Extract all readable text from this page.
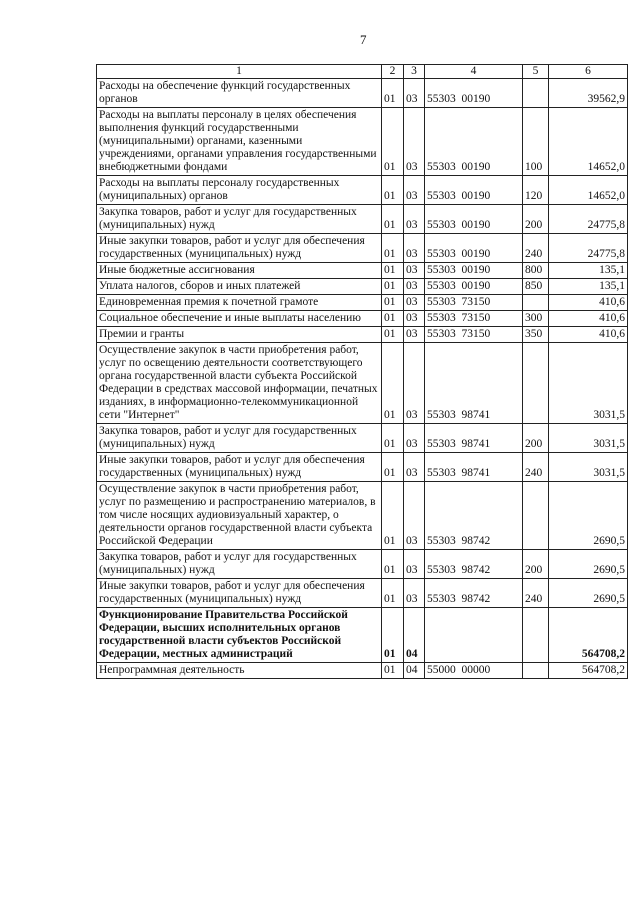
7
1	2	3	4	5	6
Расходы на обеспечение функций государственных органов	01	03	55303  00190		39562,9
Расходы на выплаты персоналу в целях обеспечения выполнения функций государственными (муниципальными) органами, казенными учреждениями, органами управления государственными внебюджетными фондами	01	03	55303  00190	100	14652,0
Расходы на выплаты персоналу государственных (муниципальных) органов	01	03	55303  00190	120	14652,0
Закупка товаров, работ и услуг для государственных (муниципальных) нужд	01	03	55303  00190	200	24775,8
Иные закупки товаров, работ и услуг для обеспечения государственных (муниципальных) нужд	01	03	55303  00190	240	24775,8
Иные бюджетные ассигнования	01	03	55303  00190	800	135,1
Уплата налогов, сборов и иных платежей	01	03	55303  00190	850	135,1
Единовременная премия к почетной грамоте	01	03	55303  73150		410,6
Социальное обеспечение и иные выплаты населению	01	03	55303  73150	300	410,6
Премии и гранты	01	03	55303  73150	350	410,6
Осуществление закупок в части приобретения работ, услуг по освещению деятельности соответствующего органа государственной власти субъекта Российской Федерации в средствах массовой информации, печатных изданиях, в информационно-телекоммуникационной сети "Интернет"	01	03	55303  98741		3031,5
Закупка товаров, работ и услуг для государственных (муниципальных) нужд	01	03	55303  98741	200	3031,5
Иные закупки товаров, работ и услуг для обеспечения государственных (муниципальных) нужд	01	03	55303  98741	240	3031,5
Осуществление закупок в части приобретения работ, услуг по размещению и распространению материалов, в том числе носящих аудиовизуальный характер, о деятельности органов государственной власти субъекта Российской Федерации	01	03	55303  98742		2690,5
Закупка товаров, работ и услуг для государственных (муниципальных) нужд	01	03	55303  98742	200	2690,5
Иные закупки товаров, работ и услуг для обеспечения государственных (муниципальных) нужд	01	03	55303  98742	240	2690,5
Функционирование Правительства Российской Федерации, высших исполнительных органов государственной власти субъектов Российской Федерации, местных администраций	01	04			564708,2
Непрограммная деятельность	01	04	55000  00000		564708,2
